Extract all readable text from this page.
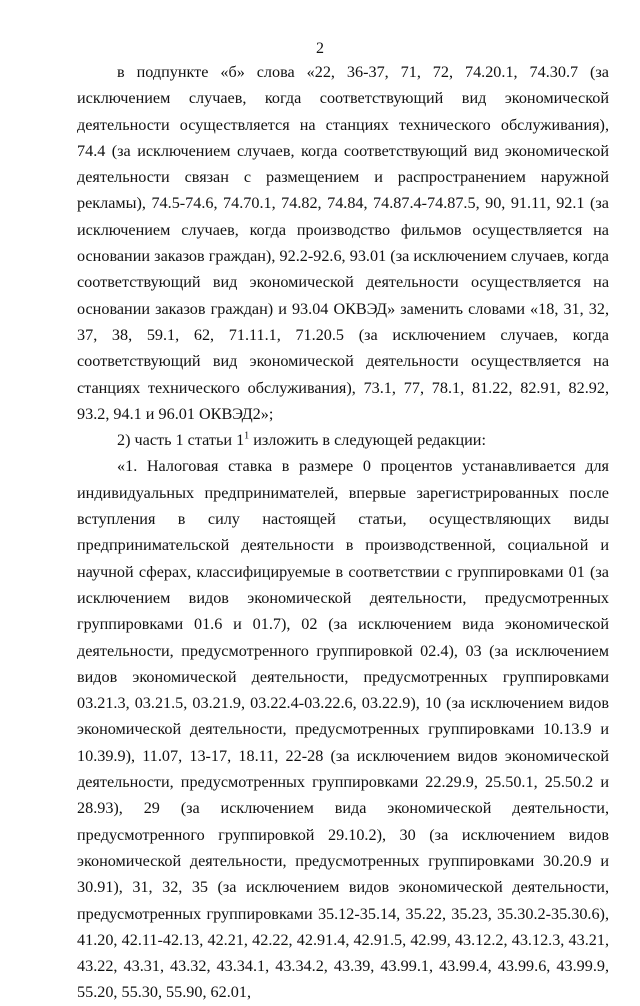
2

в подпункте «б» слова «22, 36-37, 71, 72, 74.20.1, 74.30.7 (за исключением случаев, когда соответствующий вид экономической деятельности осуществляется на станциях технического обслуживания), 74.4 (за исключением случаев, когда соответствующий вид экономической деятельности связан с размещением и распространением наружной рекламы), 74.5-74.6, 74.70.1, 74.82, 74.84, 74.87.4-74.87.5, 90, 91.11, 92.1 (за исключением случаев, когда производство фильмов осуществляется на основании заказов граждан), 92.2-92.6, 93.01 (за исключением случаев, когда соответствующий вид экономической деятельности осуществляется на основании заказов граждан) и 93.04 ОКВЭД» заменить словами «18, 31, 32, 37, 38, 59.1, 62, 71.11.1, 71.20.5 (за исключением случаев, когда соответствующий вид экономической деятельности осуществляется на станциях технического обслуживания), 73.1, 77, 78.1, 81.22, 82.91, 82.92, 93.2, 94.1 и 96.01 ОКВЭД2»;

2) часть 1 статьи $1^1$ изложить в следующей редакции:

«1. Налоговая ставка в размере 0 процентов устанавливается для индивидуальных предпринимателей, впервые зарегистрированных после вступления в силу настоящей статьи, осуществляющих виды предпринимательской деятельности в производственной, социальной и научной сферах, классифицируемые в соответствии с группировками 01 (за исключением видов экономической деятельности, предусмотренных группировками 01.6 и 01.7), 02 (за исключением вида экономической деятельности, предусмотренного группировкой 02.4), 03 (за исключением видов экономической деятельности, предусмотренных группировками 03.21.3, 03.21.5, 03.21.9, 03.22.4-03.22.6, 03.22.9), 10 (за исключением видов экономической деятельности, предусмотренных группировками 10.13.9 и 10.39.9), 11.07, 13-17, 18.11, 22-28 (за исключением видов экономической деятельности, предусмотренных группировками 22.29.9, 25.50.1, 25.50.2 и 28.93), 29 (за исключением вида экономической деятельности, предусмотренного группировкой 29.10.2), 30 (за исключением видов экономической деятельности, предусмотренных группировками 30.20.9 и 30.91), 31, 32, 35 (за исключением видов экономической деятельности, предусмотренных группировками 35.12-35.14, 35.22, 35.23, 35.30.2-35.30.6), 41.20, 42.11-42.13, 42.21, 42.22, 42.91.4, 42.91.5, 42.99, 43.12.2, 43.12.3, 43.21, 43.22, 43.31, 43.32, 43.34.1, 43.34.2, 43.39, 43.99.1, 43.99.4, 43.99.6, 43.99.9, 55.20, 55.30, 55.90, 62.01,
